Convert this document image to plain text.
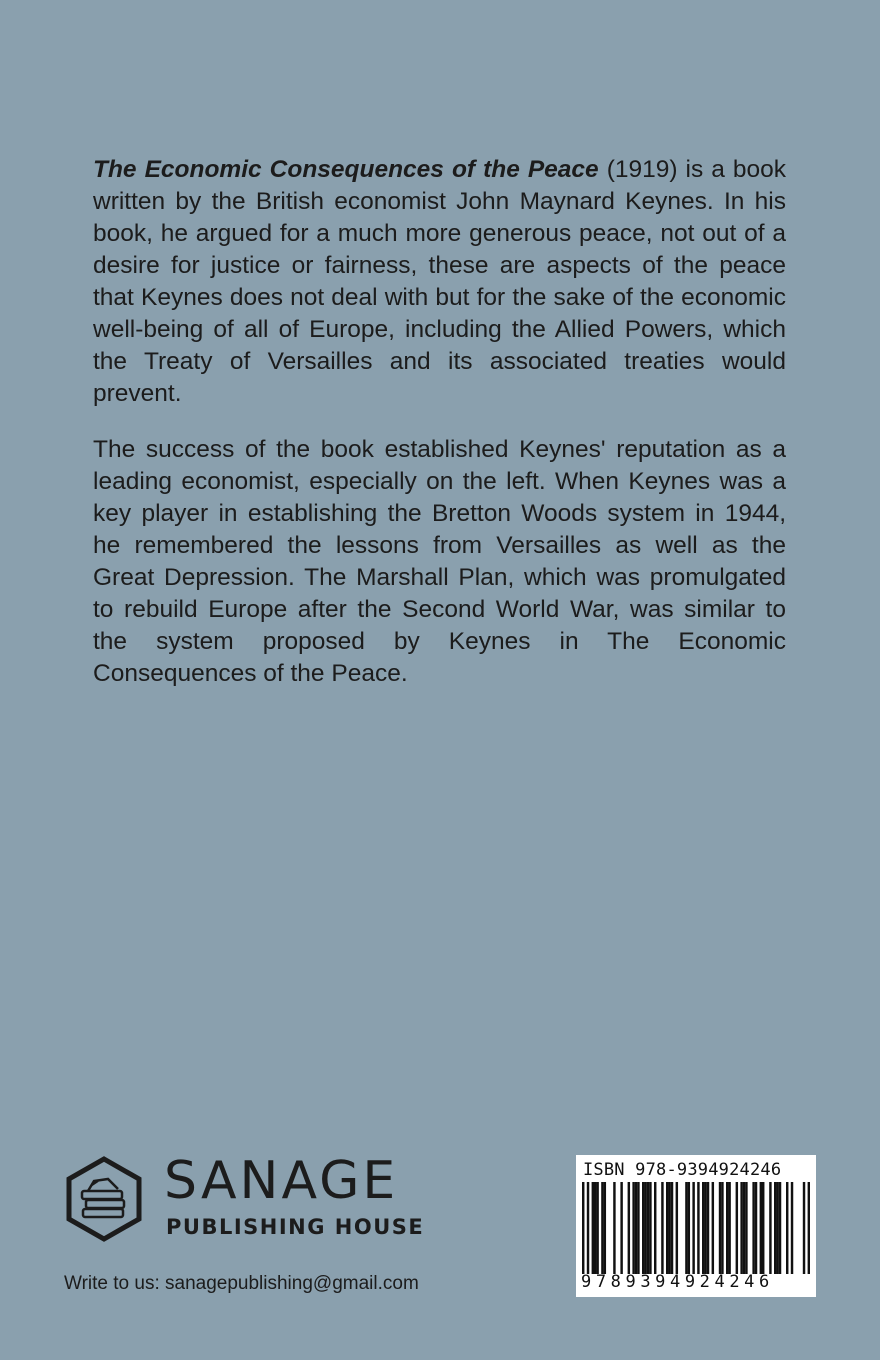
The Economic Consequences of the Peace (1919) is a book written by the British economist John Maynard Keynes. In his book, he argued for a much more generous peace, not out of a desire for justice or fairness, these are aspects of the peace that Keynes does not deal with but for the sake of the economic well-being of all of Europe, including the Allied Powers, which the Treaty of Versailles and its associated treaties would prevent.

The success of the book established Keynes' reputation as a leading economist, especially on the left. When Keynes was a key player in establishing the Bretton Woods system in 1944, he remembered the lessons from Versailles as well as the Great Depression. The Marshall Plan, which was promulgated to rebuild Europe after the Second World War, was similar to the system proposed by Keynes in The Economic Consequences of the Peace.

SANAGE
PUBLISHING HOUSE
Write to us: sanagepublishing@gmail.com
ISBN 978-9394924246
9789394924246
